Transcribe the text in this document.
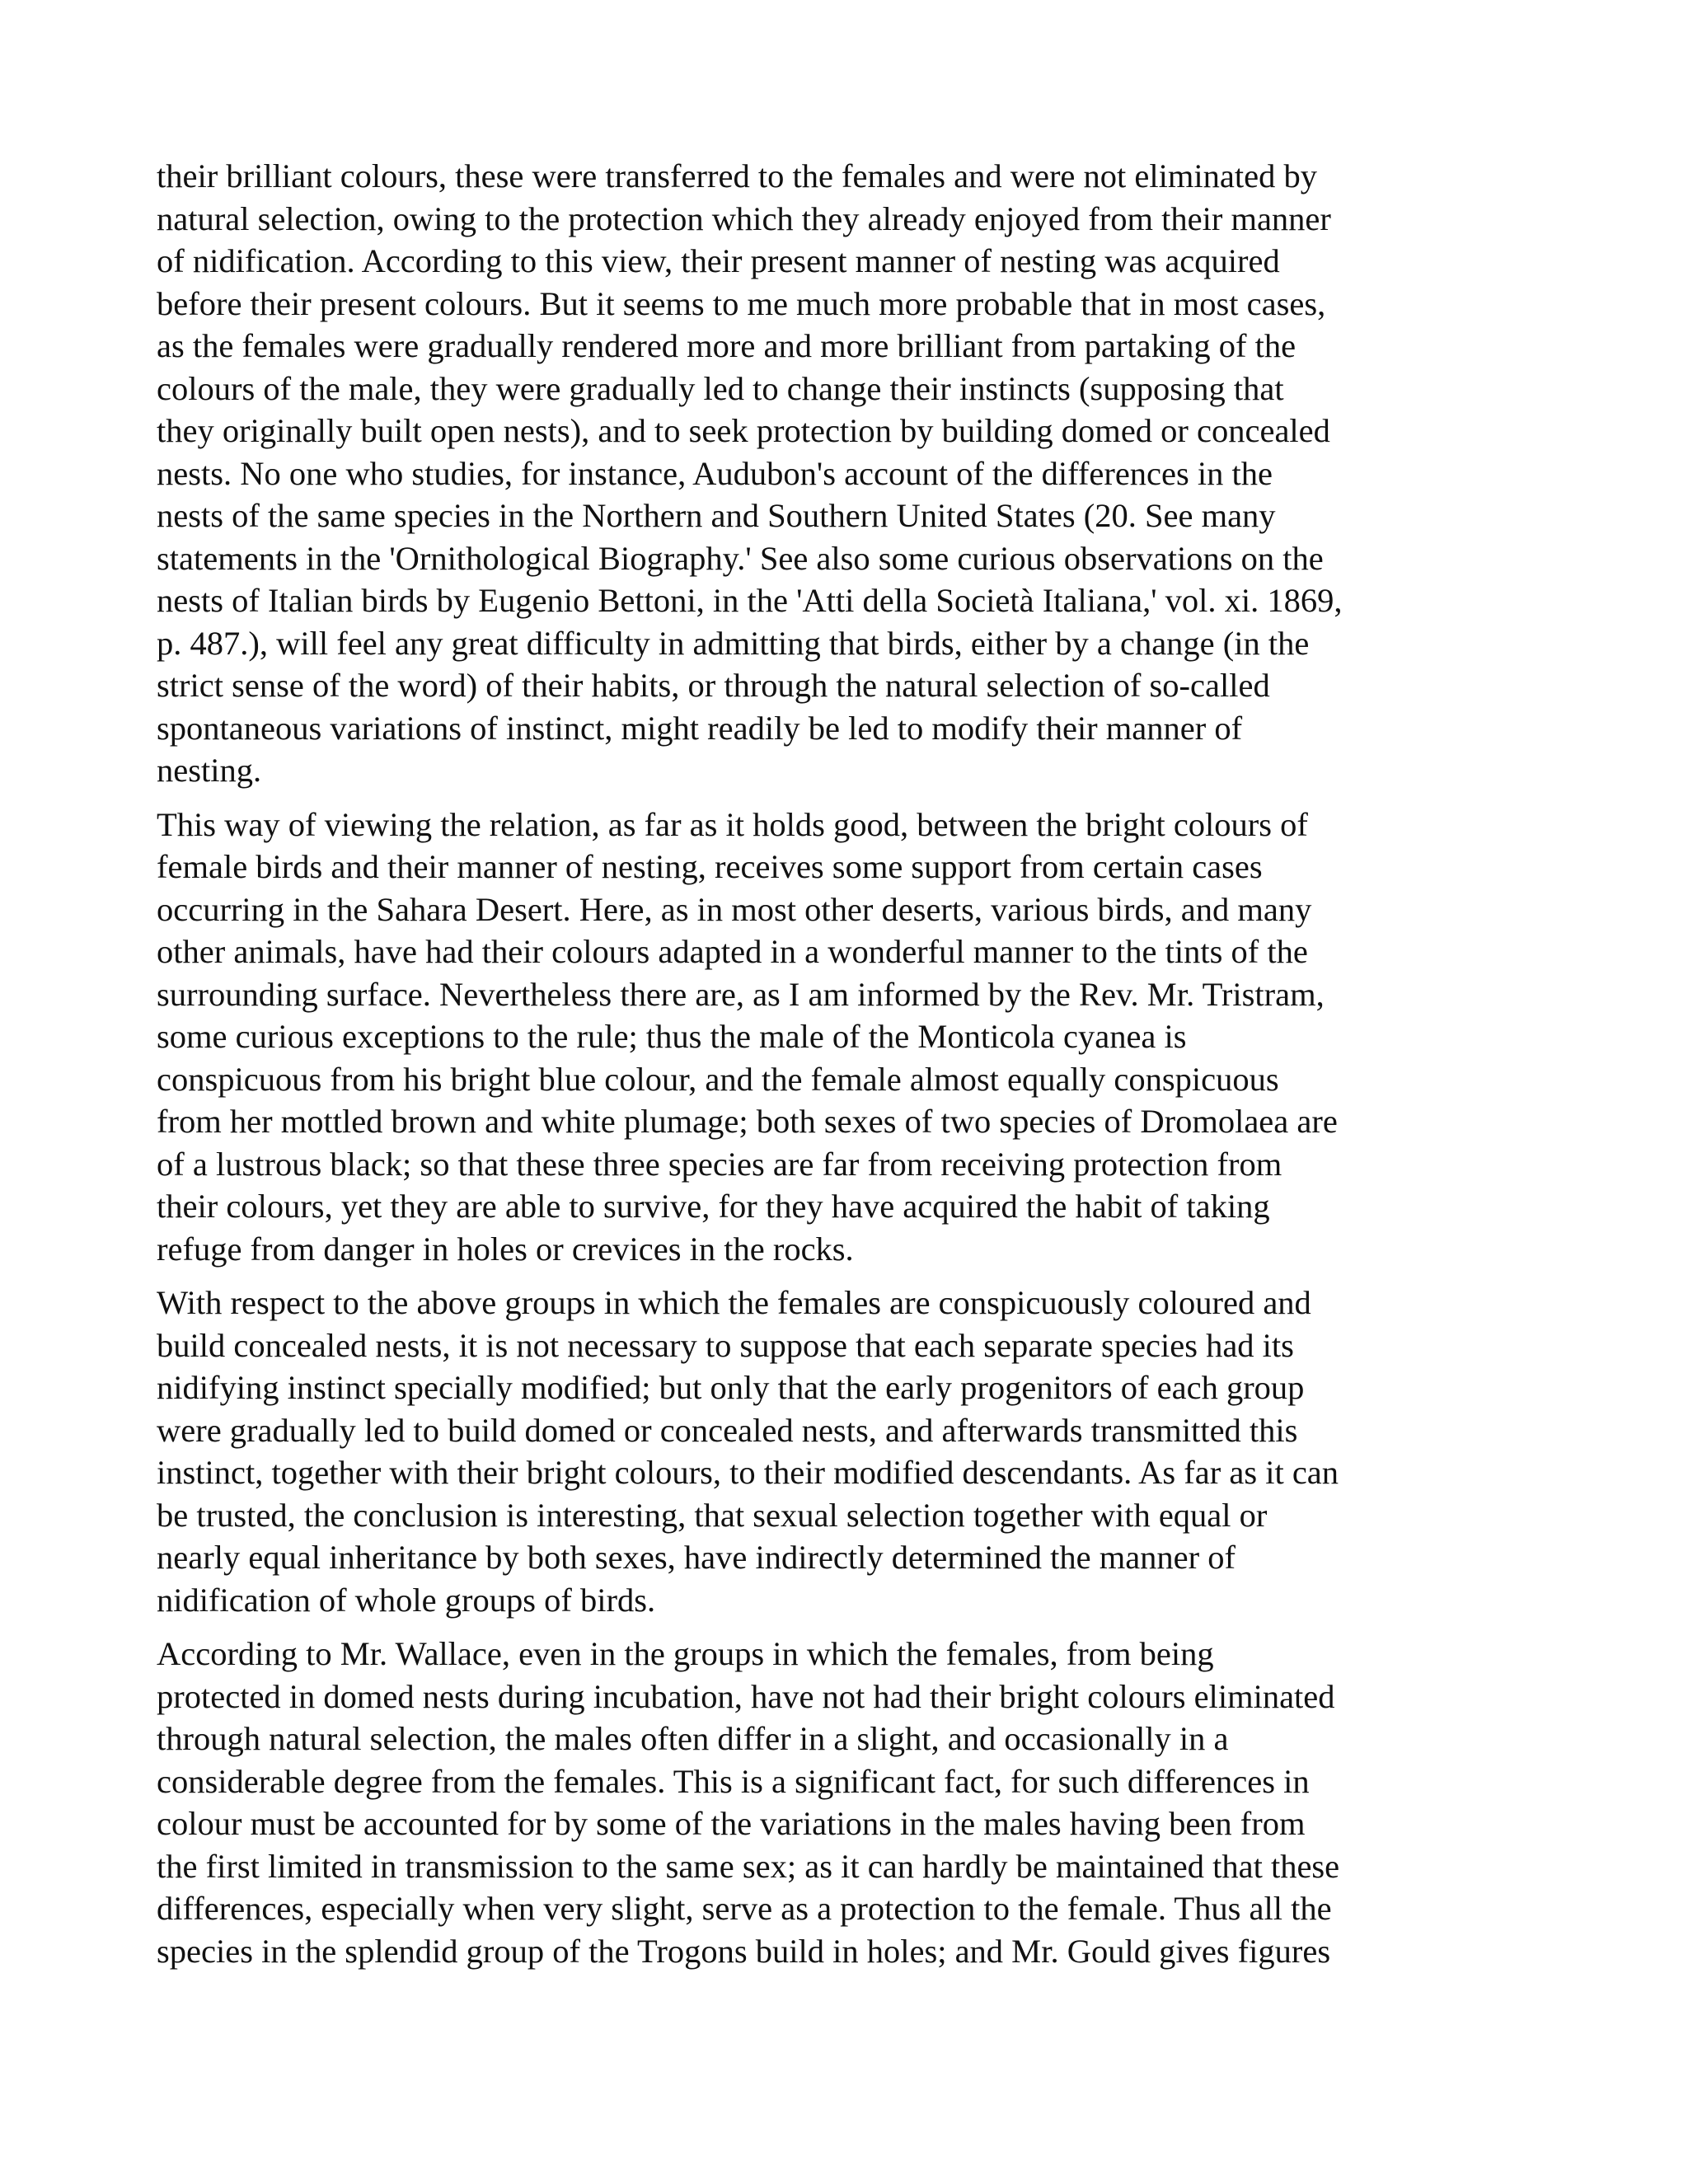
their brilliant colours, these were transferred to the females and were not eliminated by
natural selection, owing to the protection which they already enjoyed from their manner
of nidification. According to this view, their present manner of nesting was acquired
before their present colours. But it seems to me much more probable that in most cases,
as the females were gradually rendered more and more brilliant from partaking of the
colours of the male, they were gradually led to change their instincts (supposing that
they originally built open nests), and to seek protection by building domed or concealed
nests. No one who studies, for instance, Audubon's account of the differences in the
nests of the same species in the Northern and Southern United States (20. See many
statements in the 'Ornithological Biography.' See also some curious observations on the
nests of Italian birds by Eugenio Bettoni, in the 'Atti della Società Italiana,' vol. xi. 1869,
p. 487.), will feel any great difficulty in admitting that birds, either by a change (in the
strict sense of the word) of their habits, or through the natural selection of so-called
spontaneous variations of instinct, might readily be led to modify their manner of
nesting.

This way of viewing the relation, as far as it holds good, between the bright colours of
female birds and their manner of nesting, receives some support from certain cases
occurring in the Sahara Desert. Here, as in most other deserts, various birds, and many
other animals, have had their colours adapted in a wonderful manner to the tints of the
surrounding surface. Nevertheless there are, as I am informed by the Rev. Mr. Tristram,
some curious exceptions to the rule; thus the male of the Monticola cyanea is
conspicuous from his bright blue colour, and the female almost equally conspicuous
from her mottled brown and white plumage; both sexes of two species of Dromolaea are
of a lustrous black; so that these three species are far from receiving protection from
their colours, yet they are able to survive, for they have acquired the habit of taking
refuge from danger in holes or crevices in the rocks.

With respect to the above groups in which the females are conspicuously coloured and
build concealed nests, it is not necessary to suppose that each separate species had its
nidifying instinct specially modified; but only that the early progenitors of each group
were gradually led to build domed or concealed nests, and afterwards transmitted this
instinct, together with their bright colours, to their modified descendants. As far as it can
be trusted, the conclusion is interesting, that sexual selection together with equal or
nearly equal inheritance by both sexes, have indirectly determined the manner of
nidification of whole groups of birds.

According to Mr. Wallace, even in the groups in which the females, from being
protected in domed nests during incubation, have not had their bright colours eliminated
through natural selection, the males often differ in a slight, and occasionally in a
considerable degree from the females. This is a significant fact, for such differences in
colour must be accounted for by some of the variations in the males having been from
the first limited in transmission to the same sex; as it can hardly be maintained that these
differences, especially when very slight, serve as a protection to the female. Thus all the
species in the splendid group of the Trogons build in holes; and Mr. Gould gives figures
